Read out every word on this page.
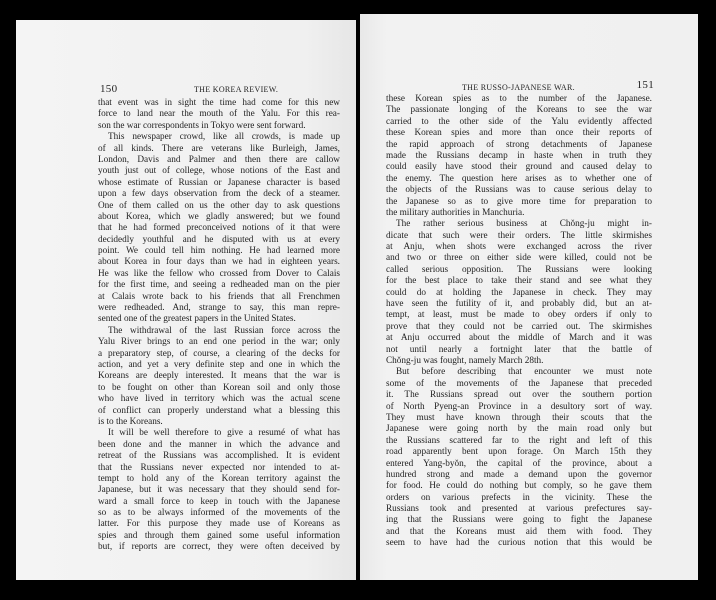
150	THE KOREA REVIEW.
that event was in sight the time had come for this new
force to land near the mouth of the Yalu. For this rea-
son the war correspondents in Tokyo were sent forward.
This newspaper crowd, like all crowds, is made up
of all kinds. There are veterans like Burleigh, James,
London, Davis and Palmer and then there are callow
youth just out of college, whose notions of the East and
whose estimate of Russian or Japanese character is based
upon a few days observation from the deck of a steamer.
One of them called on us the other day to ask questions
about Korea, which we gladly answered; but we found
that he had formed preconceived notions of it that were
decidedly youthful and he disputed with us at every
point. We could tell him nothing. He had learned more
about Korea in four days than we had in eighteen years.
He was like the fellow who crossed from Dover to Calais
for the first time, and seeing a redheaded man on the pier
at Calais wrote back to his friends that all Frenchmen
were redheaded. And, strange to say, this man repre-
sented one of the greatest papers in the United States.
The withdrawal of the last Russian force across the
Yalu River brings to an end one period in the war; only
a preparatory step, of course, a clearing of the decks for
action, and yet a very definite step and one in which the
Koreans are deeply interested. It means that the war is
to be fought on other than Korean soil and only those
who have lived in territory which was the actual scene
of conflict can properly understand what a blessing this
is to the Koreans.
It will be well therefore to give a resumé of what has
been done and the manner in which the advance and
retreat of the Russians was accomplished. It is evident
that the Russians never expected nor intended to at-
tempt to hold any of the Korean territory against the
Japanese, but it was necessary that they should send for-
ward a small force to keep in touch with the Japanese
so as to be always informed of the movements of the
latter. For this purpose they made use of Koreans as
spies and through them gained some useful information
but, if reports are correct, they were often deceived by
THE RUSSO-JAPANESE WAR.	151
these Korean spies as to the number of the Japanese.
The passionate longing of the Koreans to see the war
carried to the other side of the Yalu evidently affected
these Korean spies and more than once their reports of
the rapid approach of strong detachments of Japanese
made the Russians decamp in haste when in truth they
could easily have stood their ground and caused delay to
the enemy. The question here arises as to whether one of
the objects of the Russians was to cause serious delay to
the Japanese so as to give more time for preparation to
the military authorities in Manchuria.
The rather serious business at Chŏng-ju might in-
dicate that such were their orders. The little skirmishes
at Anju, when shots were exchanged across the river
and two or three on either side were killed, could not be
called serious opposition. The Russians were looking
for the best place to take their stand and see what they
could do at holding the Japanese in check. They may
have seen the futility of it, and probably did, but an at-
tempt, at least, must be made to obey orders if only to
prove that they could not be carried out. The skirmishes
at Anju occurred about the middle of March and it was
not until nearly a fortnight later that the battle of
Chŏng-ju was fought, namely March 28th.
But before describing that encounter we must note
some of the movements of the Japanese that preceded
it. The Russians spread out over the southern portion
of North Pyeng-an Province in a desultory sort of way.
They must have known through their scouts that the
Japanese were going north by the main road only but
the Russians scattered far to the right and left of this
road apparently bent upon forage. On March 15th they
entered Yang-byŏn, the capital of the province, about a
hundred strong and made a demand upon the governor
for food. He could do nothing but comply, so he gave them
orders on various prefects in the vicinity. These the
Russians took and presented at various prefectures say-
ing that the Russians were going to fight the Japanese
and that the Koreans must aid them with food. They
seem to have had the curious notion that this would be
